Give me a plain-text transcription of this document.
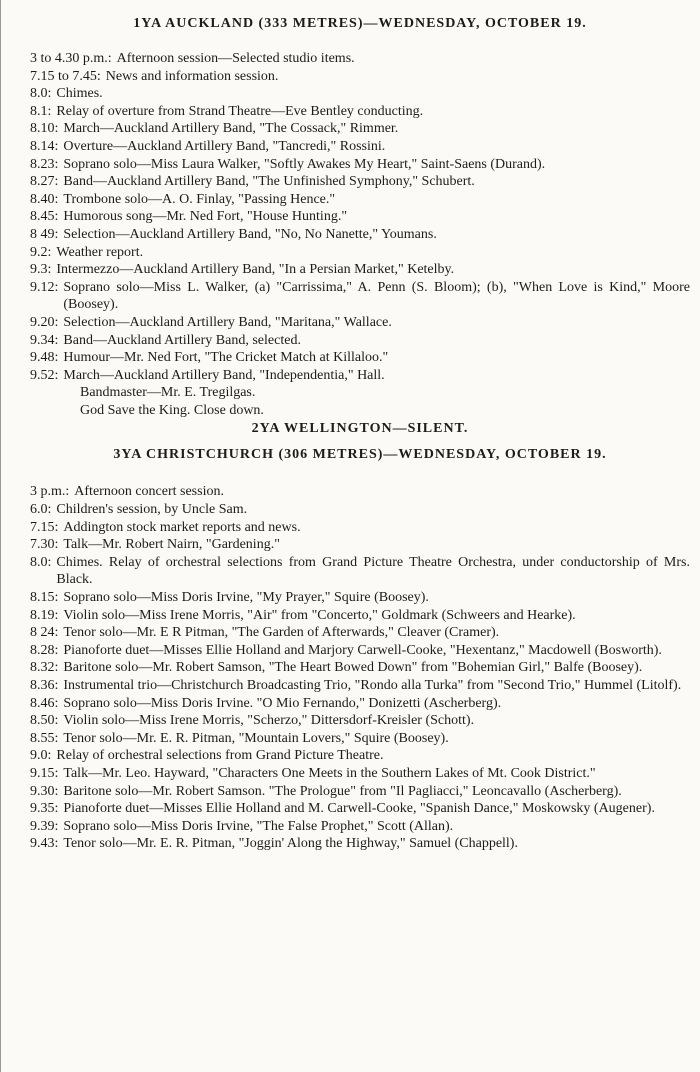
1YA AUCKLAND (333 METRES)—WEDNESDAY, OCTOBER 19.
3 to 4.30 p.m.: Afternoon session—Selected studio items.
7.15 to 7.45: News and information session.
8.0: Chimes.
8.1: Relay of overture from Strand Theatre—Eve Bentley conducting.
8.10: March—Auckland Artillery Band, "The Cossack," Rimmer.
8.14: Overture—Auckland Artillery Band, "Tancredi," Rossini.
8.23: Soprano solo—Miss Laura Walker, "Softly Awakes My Heart," Saint-Saens (Durand).
8.27: Band—Auckland Artillery Band, "The Unfinished Symphony," Schubert.
8.40: Trombone solo—A. O. Finlay, "Passing Hence."
8.45: Humorous song—Mr. Ned Fort, "House Hunting."
8 49: Selection—Auckland Artillery Band, "No, No Nanette," Youmans.
9.2: Weather report.
9.3: Intermezzo—Auckland Artillery Band, "In a Persian Market," Ketelby.
9.12: Soprano solo—Miss L. Walker, (a) "Carrissima," A. Penn (S. Bloom); (b), "When Love is Kind," Moore (Boosey).
9.20: Selection—Auckland Artillery Band, "Maritana," Wallace.
9.34: Band—Auckland Artillery Band, selected.
9.48: Humour—Mr. Ned Fort, "The Cricket Match at Killaloo."
9.52: March—Auckland Artillery Band, "Independentia," Hall.
Bandmaster—Mr. E. Tregilgas.
God Save the King. Close down.
2YA WELLINGTON—SILENT.
3YA CHRISTCHURCH (306 METRES)—WEDNESDAY, OCTOBER 19.
3 p.m.: Afternoon concert session.
6.0: Children's session, by Uncle Sam.
7.15: Addington stock market reports and news.
7.30: Talk—Mr. Robert Nairn, "Gardening."
8.0: Chimes. Relay of orchestral selections from Grand Picture Theatre Orchestra, under conductorship of Mrs. Black.
8.15: Soprano solo—Miss Doris Irvine, "My Prayer," Squire (Boosey).
8.19: Violin solo—Miss Irene Morris, "Air" from "Concerto," Goldmark (Schweers and Hearke).
8 24: Tenor solo—Mr. E R Pitman, "The Garden of Afterwards," Cleaver (Cramer).
8.28: Pianoforte duet—Misses Ellie Holland and Marjory Carwell-Cooke, "Hexentanz," Macdowell (Bosworth).
8.32: Baritone solo—Mr. Robert Samson, "The Heart Bowed Down" from "Bohemian Girl," Balfe (Boosey).
8.36: Instrumental trio—Christchurch Broadcasting Trio, "Rondo alla Turka" from "Second Trio," Hummel (Litolf).
8.46: Soprano solo—Miss Doris Irvine. "O Mio Fernando," Donizetti (Ascherberg).
8.50: Violin solo—Miss Irene Morris, "Scherzo," Dittersdorf-Kreisler (Schott).
8.55: Tenor solo—Mr. E. R. Pitman, "Mountain Lovers," Squire (Boosey).
9.0: Relay of orchestral selections from Grand Picture Theatre.
9.15: Talk—Mr. Leo. Hayward, "Characters One Meets in the Southern Lakes of Mt. Cook District."
9.30: Baritone solo—Mr. Robert Samson. "The Prologue" from "Il Pagliacci," Leoncavallo (Ascherberg).
9.35: Pianoforte duet—Misses Ellie Holland and M. Carwell-Cooke, "Spanish Dance," Moskowsky (Augener).
9.39: Soprano solo—Miss Doris Irvine, "The False Prophet," Scott (Allan).
9.43: Tenor solo—Mr. E. R. Pitman, "Joggin' Along the Highway," Samuel (Chappell).
